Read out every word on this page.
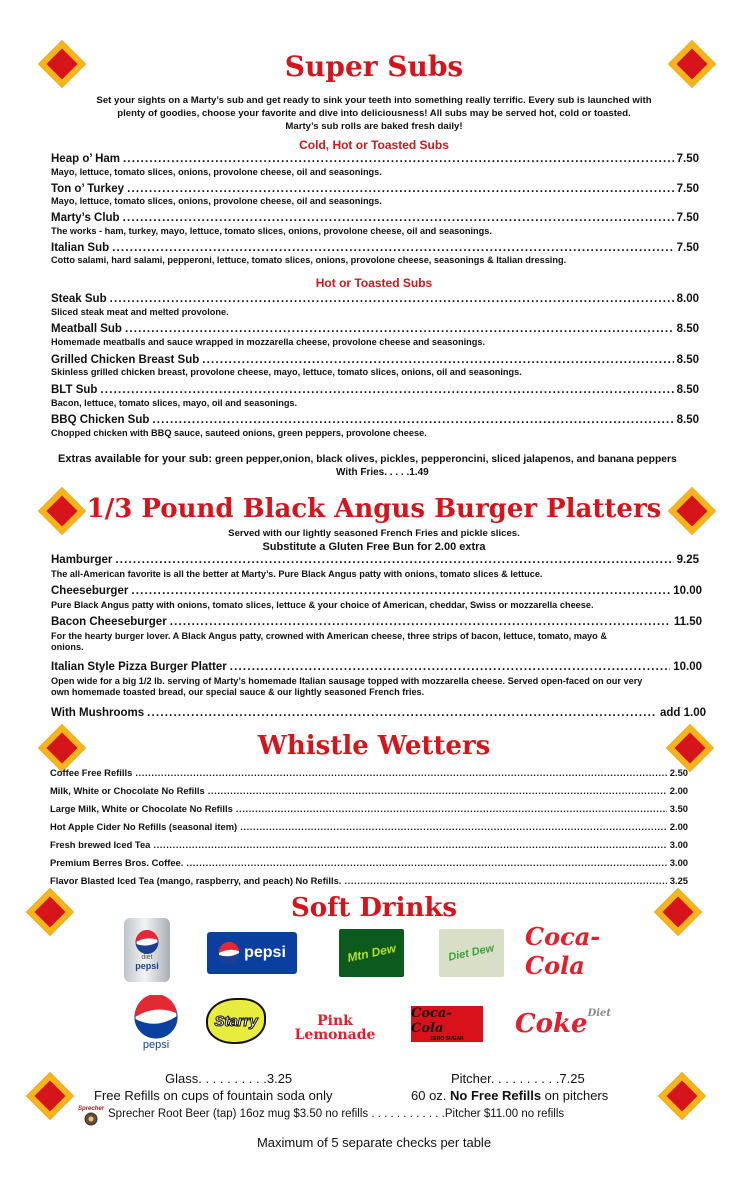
Super Subs
Set your sights on a Marty’s sub and get ready to sink your teeth into something really terrific. Every sub is launched with
plenty of goodies, choose your favorite and dive into deliciousness! All subs may be served hot, cold or toasted.
Marty’s sub rolls are baked fresh daily!
Cold, Hot or Toasted Subs
Heap o’ Ham . . .	7.50
Mayo, lettuce, tomato slices, onions, provolone cheese, oil and seasonings.
Ton o’ Turkey . . .	7.50
Mayo, lettuce, tomato slices, onions, provolone cheese, oil and seasonings.
Marty’s Club . . .	7.50
The works - ham, turkey, mayo, lettuce, tomato slices, onions, provolone cheese, oil and seasonings.
Italian Sub . . .	7.50
Cotto salami, hard salami, pepperoni, lettuce, tomato slices, onions, provolone cheese, seasonings & Italian dressing.
Hot or Toasted Subs
Steak Sub . . .	8.00
Sliced steak meat and melted provolone.
Meatball Sub . . .	8.50
Homemade meatballs and sauce wrapped in mozzarella cheese, provolone cheese and seasonings.
Grilled Chicken Breast Sub . . .	8.50
Skinless grilled chicken breast, provolone cheese, mayo, lettuce, tomato slices, onions, oil and seasonings.
BLT Sub . . .	8.50
Bacon, lettuce, tomato slices, mayo, oil and seasonings.
BBQ Chicken Sub . . .	8.50
Chopped chicken with BBQ sauce, sauteed onions, green peppers, provolone cheese.
Extras available for your sub: green pepper,onion, black olives, pickles, pepperoncini, sliced jalapenos, and banana peppers
With Fries. . . . .1.49
1/3 Pound Black Angus Burger Platters
Served with our lightly seasoned French Fries and pickle slices.
Substitute a Gluten Free Bun for 2.00 extra
Hamburger . . .	9.25
The all-American favorite is all the better at Marty’s. Pure Black Angus patty with onions, tomato slices & lettuce.
Cheeseburger . . .	10.00
Pure Black Angus patty with onions, tomato slices, lettuce & your choice of American, cheddar, Swiss or mozzarella cheese.
Bacon Cheeseburger . . .	11.50
For the hearty burger lover. A Black Angus patty, crowned with American cheese, three strips of bacon, lettuce, tomato, mayo & onions.
Italian Style Pizza Burger Platter . . .	10.00
Open wide for a big 1/2 lb. serving of Marty’s homemade Italian sausage topped with mozzarella cheese. Served open-faced on our very own homemade toasted bread, our special sauce & our lightly seasoned French fries.
With Mushrooms . . .	add 1.00
Whistle Wetters
Coffee Free Refills . . .	2.50
Milk, White or Chocolate No Refills . . .	2.00
Large Milk, White or Chocolate No Refills . . .	3.50
Hot Apple Cider No Refills (seasonal item) . . .	2.00
Fresh brewed Iced Tea . . .	3.00
Premium Berres Bros. Coffee. . . .	3.00
Flavor Blasted Iced Tea (mango, raspberry, and peach) No Refills. . . .	3.25
Soft Drinks
diet
pepsi
pepsi	Mtn Dew	Diet Dew
Coca-Cola
pepsi
Starry	Pink
Lemonade
Coca-Cola
ZERO SUGAR Coke Diet
Glass. . . . . . . . . .3.25	Pitcher. . . . . . . . . .7.25
Free Refills on cups of fountain soda only	60 oz. No Free Refills on pitchers
Sprecher Sprecher Root Beer (tap) 16oz mug $3.50 no refills . . . . . . . . . . . .Pitcher $11.00 no refills
Maximum of 5 separate checks per table
